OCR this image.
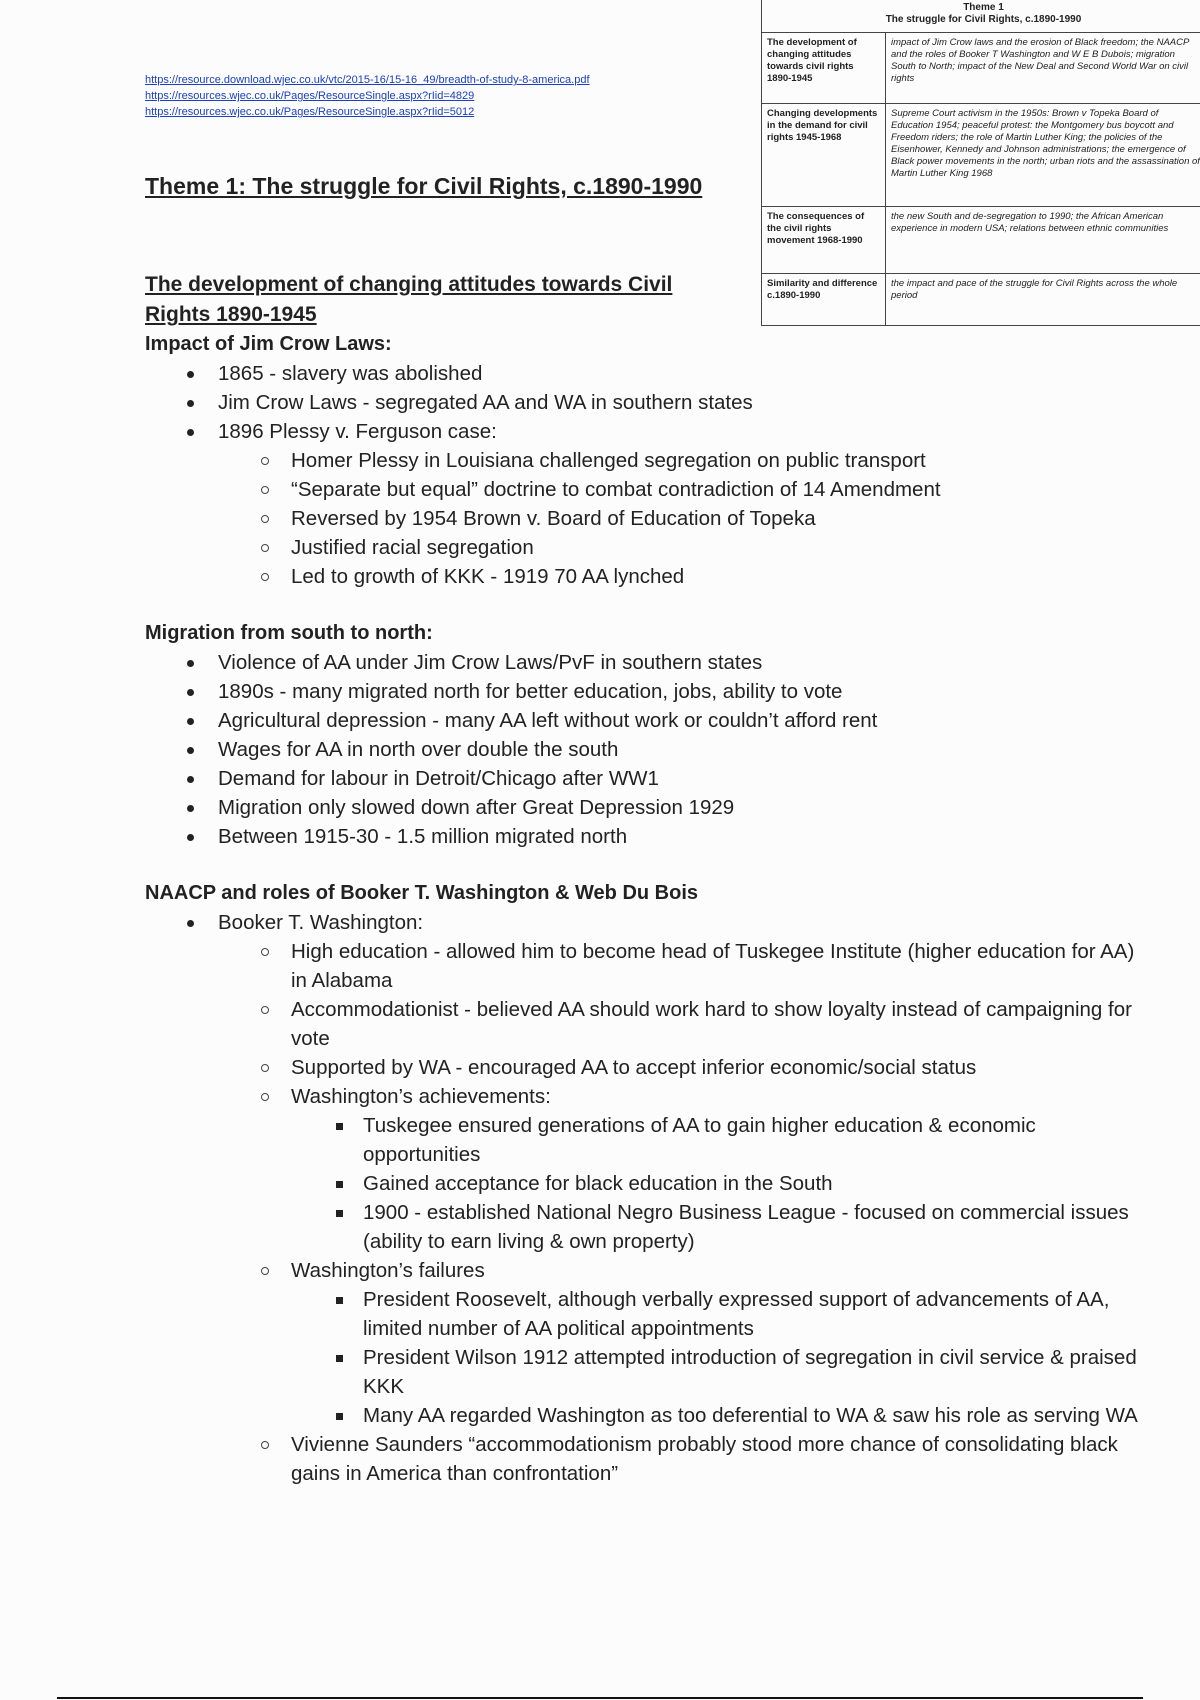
https://resource.download.wjec.co.uk/vtc/2015-16/15-16_49/breadth-of-study-8-america.pdf
https://resources.wjec.co.uk/Pages/ResourceSingle.aspx?rIid=4829
https://resources.wjec.co.uk/Pages/ResourceSingle.aspx?rIid=5012
Theme 1
The struggle for Civil Rights, c.1890-1990	

The development of changing attitudes towards civil rights 1890-1945	impact of Jim Crow laws and the erosion of Black freedom; the NAACP and the roles of Booker T Washington and W E B Dubois; migration South to North; impact of the New Deal and Second World War on civil rights
Changing developments in the demand for civil rights 1945-1968	Supreme Court activism in the 1950s: Brown v Topeka Board of Education 1954; peaceful protest: the Montgomery bus boycott and Freedom riders; the role of Martin Luther King; the policies of the Eisenhower, Kennedy and Johnson administrations; the emergence of Black power movements in the north; urban riots and the assassination of Martin Luther King 1968
The consequences of the civil rights movement 1968-1990	the new South and de-segregation to 1990; the African American experience in modern USA; relations between ethnic communities
Similarity and difference c.1890-1990	the impact and pace of the struggle for Civil Rights across the whole period
Theme 1: The struggle for Civil Rights, c.1890-1990
The development of changing attitudes towards Civil Rights 1890-1945
Impact of Jim Crow Laws:
1865 - slavery was abolished
Jim Crow Laws - segregated AA and WA in southern states
1896 Plessy v. Ferguson case:
Homer Plessy in Louisiana challenged segregation on public transport
“Separate but equal” doctrine to combat contradiction of 14 Amendment
Reversed by 1954 Brown v. Board of Education of Topeka
Justified racial segregation
Led to growth of KKK - 1919 70 AA lynched
Migration from south to north:
Violence of AA under Jim Crow Laws/PvF in southern states
1890s - many migrated north for better education, jobs, ability to vote
Agricultural depression - many AA left without work or couldn’t afford rent
Wages for AA in north over double the south
Demand for labour in Detroit/Chicago after WW1
Migration only slowed down after Great Depression 1929
Between 1915-30 - 1.5 million migrated north
NAACP and roles of Booker T. Washington & Web Du Bois
Booker T. Washington:
High education - allowed him to become head of Tuskegee Institute (higher education for AA) in Alabama
Accommodationist - believed AA should work hard to show loyalty instead of campaigning for vote
Supported by WA - encouraged AA to accept inferior economic/social status
Washington’s achievements:
Tuskegee ensured generations of AA to gain higher education & economic opportunities
Gained acceptance for black education in the South
1900 - established National Negro Business League - focused on commercial issues (ability to earn living & own property)
Washington’s failures
President Roosevelt, although verbally expressed support of advancements of AA, limited number of AA political appointments
President Wilson 1912 attempted introduction of segregation in civil service & praised KKK
Many AA regarded Washington as too deferential to WA & saw his role as serving WA
Vivienne Saunders “accommodationism probably stood more chance of consolidating black gains in America than confrontation”
